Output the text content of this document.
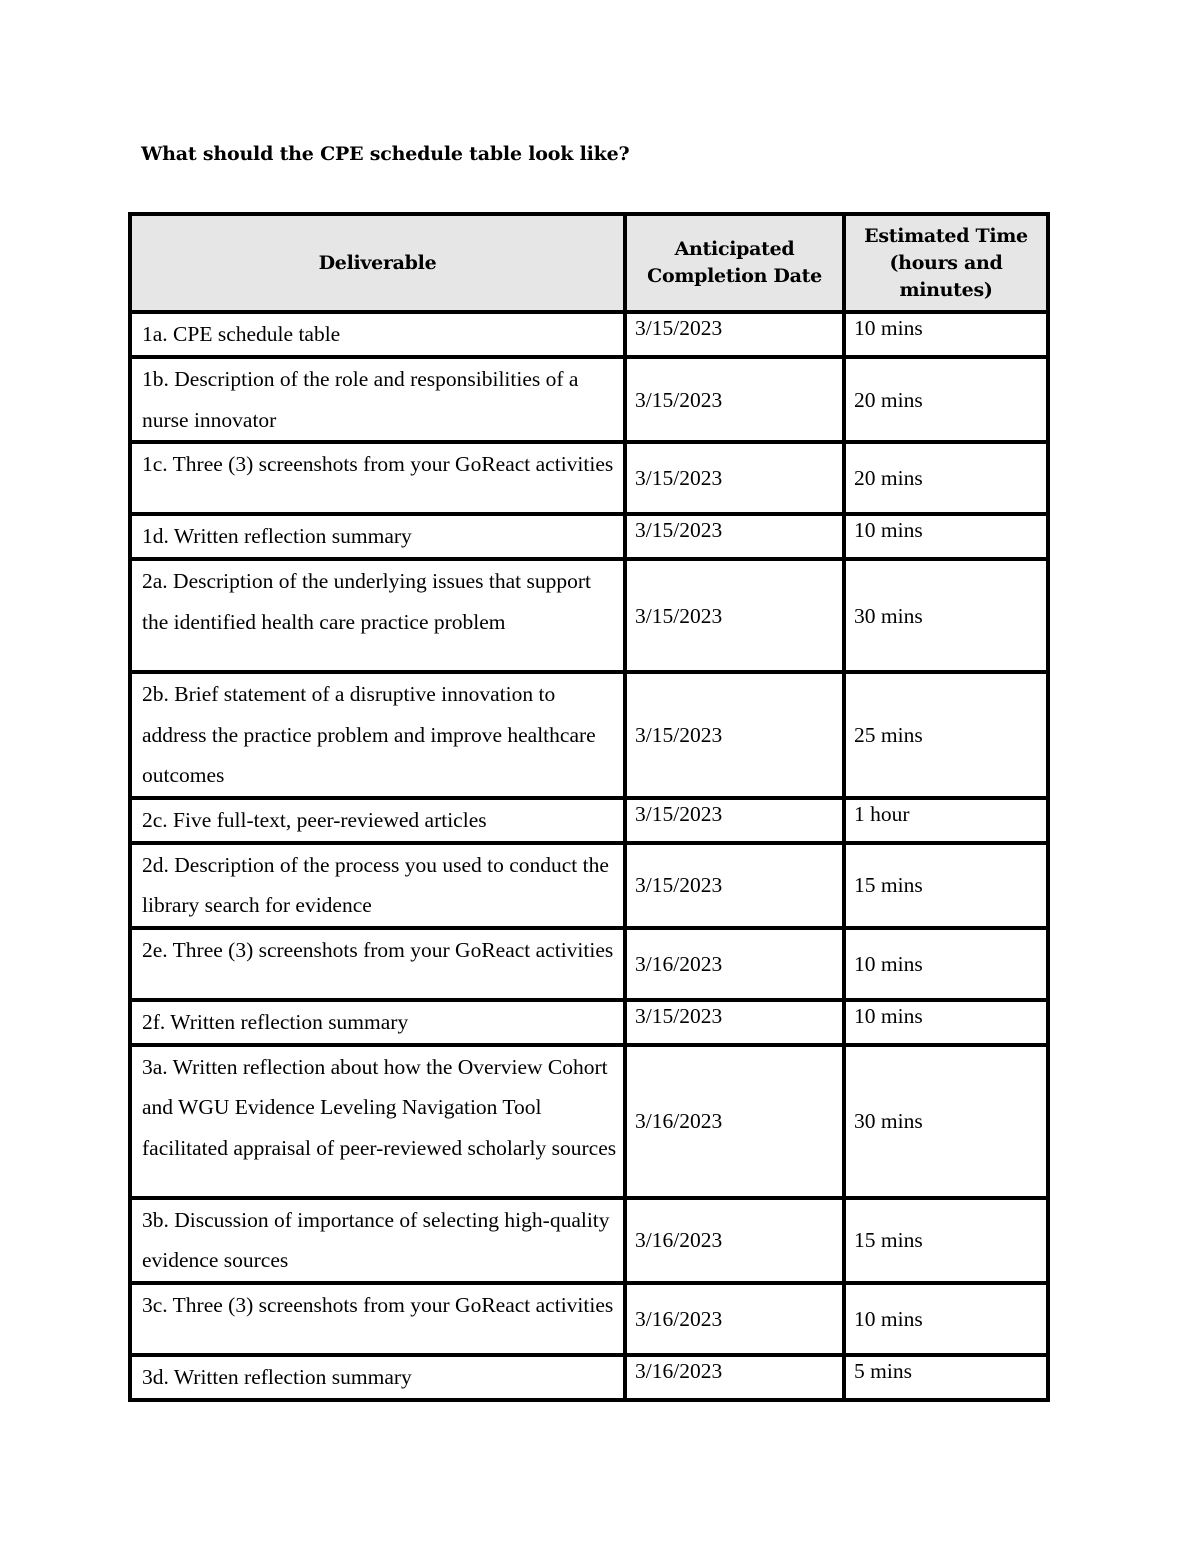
What should the CPE schedule table look like?
Deliverable	Anticipated Completion Date	Estimated Time (hours and minutes)

1a. CPE schedule table	3/15/2023	10 mins

1b. Description of the role and responsibilities of a nurse innovator	3/15/2023	20 mins

1c. Three (3) screenshots from your GoReact activities	3/15/2023	20 mins

1d. Written reflection summary	3/15/2023	10 mins

2a. Description of the underlying issues that support the identified health care practice problem	3/15/2023	30 mins

2b. Brief statement of a disruptive innovation to address the practice problem and improve healthcare outcomes	3/15/2023	25 mins

2c. Five full-text, peer-reviewed articles	3/15/2023	1 hour

2d. Description of the process you used to conduct the library search for evidence	3/15/2023	15 mins

2e. Three (3) screenshots from your GoReact activities	3/16/2023	10 mins

2f. Written reflection summary	3/15/2023	10 mins

3a. Written reflection about how the Overview Cohort and WGU Evidence Leveling Navigation Tool facilitated appraisal of peer-reviewed scholarly sources	3/16/2023	30 mins

3b. Discussion of importance of selecting high-quality evidence sources	3/16/2023	15 mins

3c. Three (3) screenshots from your GoReact activities	3/16/2023	10 mins

3d. Written reflection summary	3/16/2023	5 mins
